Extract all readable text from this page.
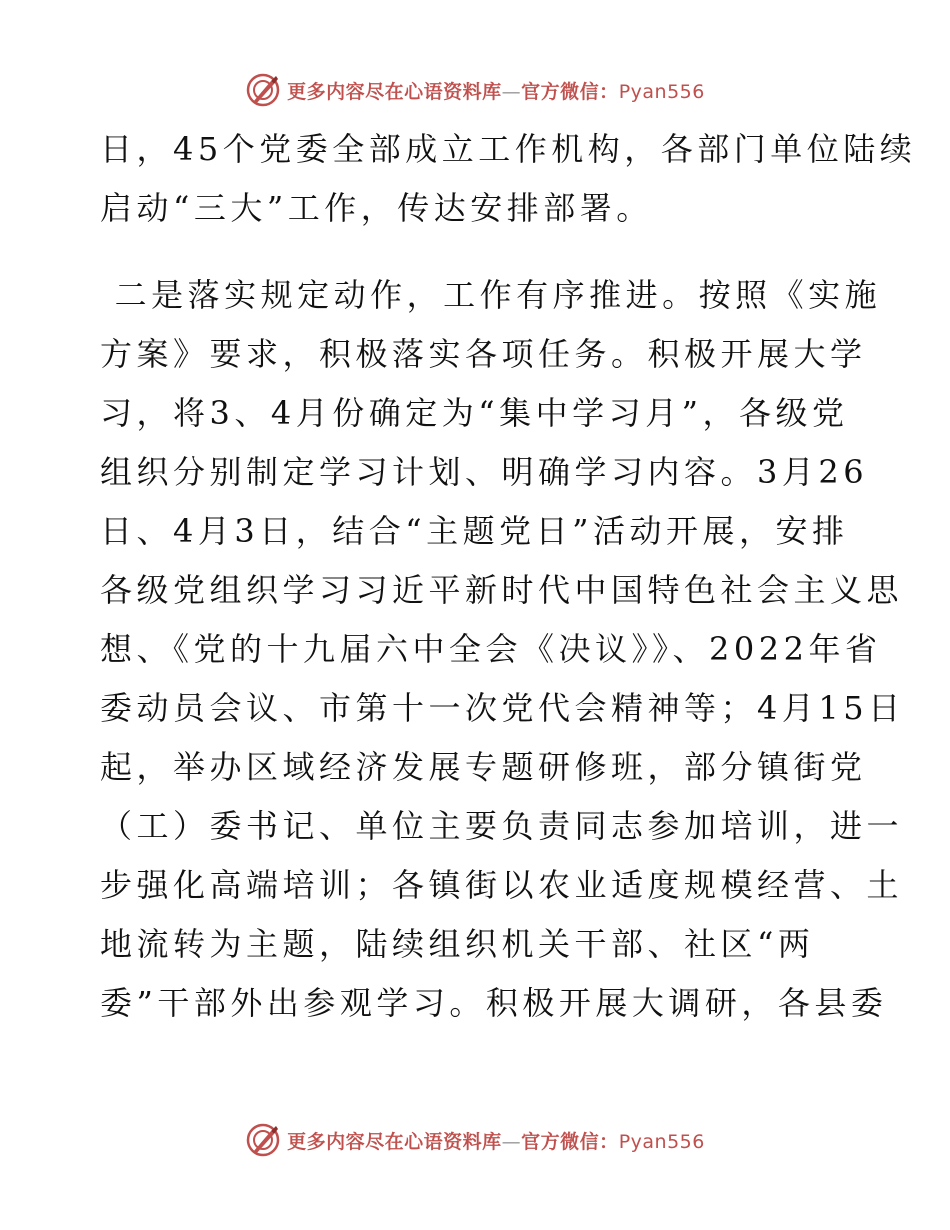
更多内容尽在心语资料库—官方微信：Pyan556
日，45个党委全部成立工作机构，各部门单位陆续
启动“三大”工作，传达安排部署。
二是落实规定动作，工作有序推进。按照《实施
方案》要求，积极落实各项任务。积极开展大学
习，将3、4月份确定为“集中学习月”，各级党
组织分别制定学习计划、明确学习内容。3月26
日、4月3日，结合“主题党日”活动开展，安排
各级党组织学习习近平新时代中国特色社会主义思
想、《党的十九届六中全会《决议》》、2022年省
委动员会议、市第十一次党代会精神等；4月15日
起，举办区域经济发展专题研修班，部分镇街党
（工）委书记、单位主要负责同志参加培训，进一
步强化高端培训；各镇街以农业适度规模经营、土
地流转为主题，陆续组织机关干部、社区“两
委”干部外出参观学习。积极开展大调研，各县委
更多内容尽在心语资料库—官方微信：Pyan556
